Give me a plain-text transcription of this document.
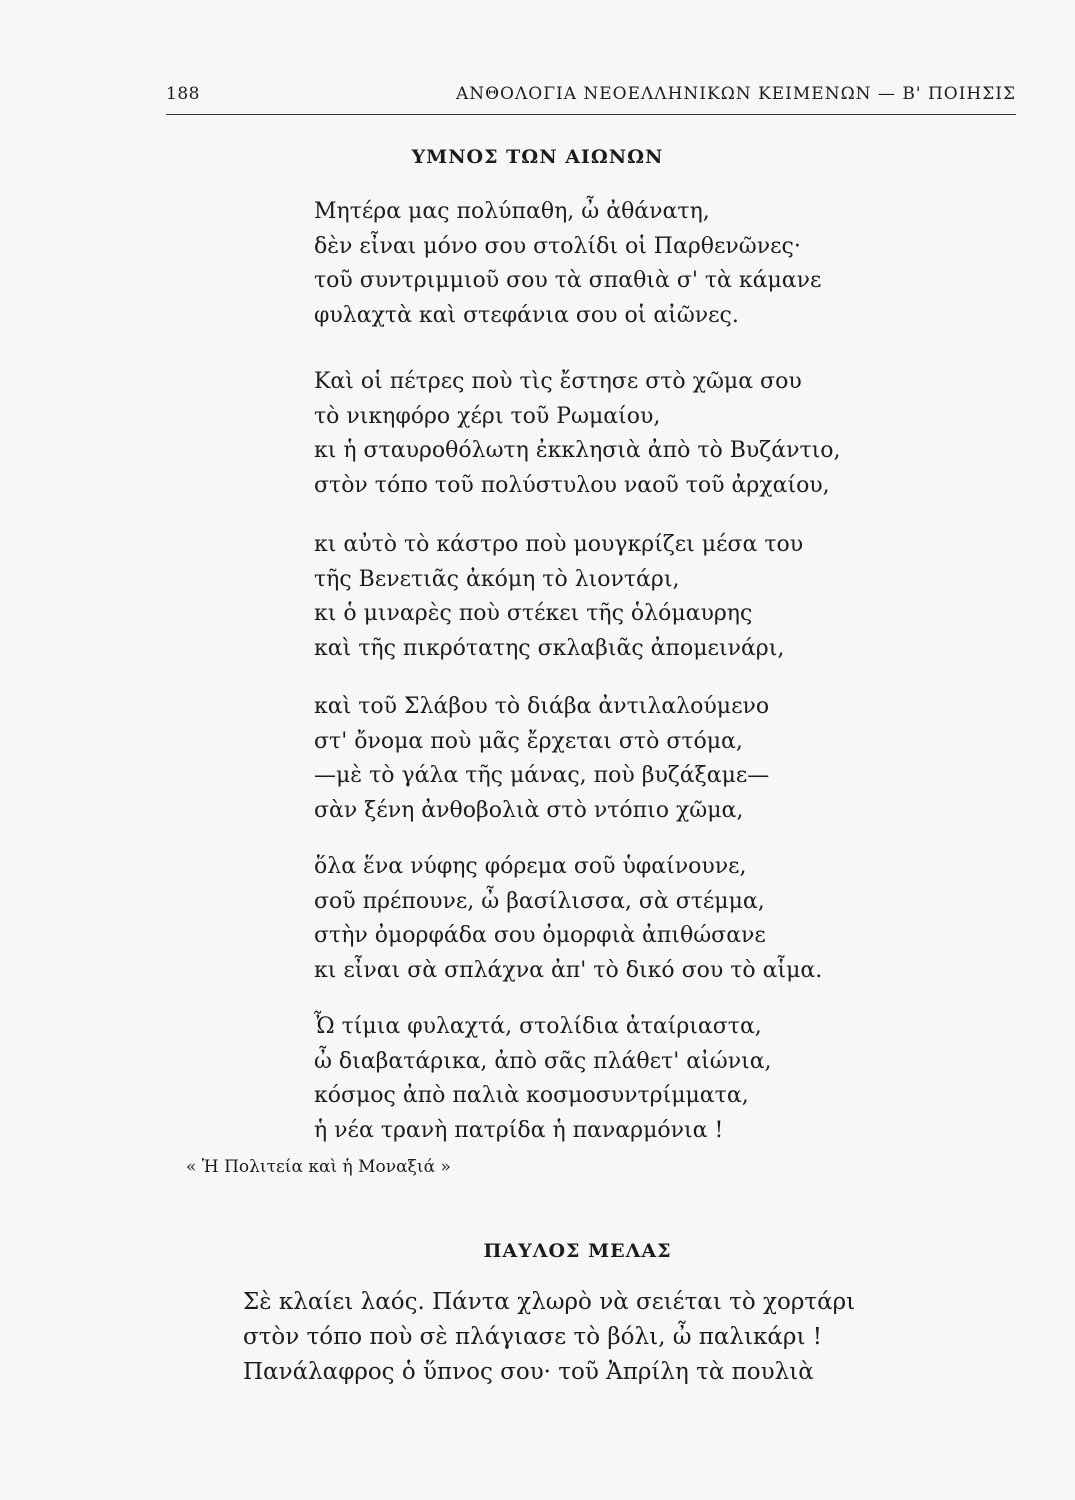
188	ΑΝΘΟΛΟΓΙΑ ΝΕΟΕΛΛΗΝΙΚΩΝ ΚΕΙΜΕΝΩΝ — Β' ΠΟΙΗΣΙΣ
ΥΜΝΟΣ ΤΩΝ ΑΙΩΝΩΝ
Μητέρα μας πολύπαθη, ὦ ἀθάνατη,
δὲν εἶναι μόνο σου στολίδι οἱ Παρθενῶνες·
τοῦ συντριμμιοῦ σου τὰ σπαθιὰ σ' τὰ κάμανε
φυλαχτὰ καὶ στεφάνια σου οἱ αἰῶνες.
Καὶ οἱ πέτρες ποὺ τὶς ἔστησε στὸ χῶμα σου
τὸ νικηφόρο χέρι τοῦ Ρωμαίου,
κι ἡ σταυροθόλωτη ἐκκλησιὰ ἀπὸ τὸ Βυζάντιο,
στὸν τόπο τοῦ πολύστυλου ναοῦ τοῦ ἀρχαίου,
κι αὐτὸ τὸ κάστρο ποὺ μουγκρίζει μέσα του
τῆς Βενετιᾶς ἀκόμη τὸ λιοντάρι,
κι ὁ μιναρὲς ποὺ στέκει τῆς ὁλόμαυρης
καὶ τῆς πικρότατης σκλαβιᾶς ἀπομεινάρι,
καὶ τοῦ Σλάβου τὸ διάβα ἀντιλαλούμενο
στ' ὄνομα ποὺ μᾶς ἔρχεται στὸ στόμα,
—μὲ τὸ γάλα τῆς μάνας, ποὺ βυζάξαμε—
σὰν ξένη ἀνθοβολιὰ στὸ ντόπιο χῶμα,
ὅλα ἕνα νύφης φόρεμα σοῦ ὑφαίνουνε,
σοῦ πρέπουνε, ὦ βασίλισσα, σὰ στέμμα,
στὴν ὀμορφάδα σου ὀμορφιὰ ἀπιθώσανε
κι εἶναι σὰ σπλάχνα ἀπ' τὸ δικό σου τὸ αἷμα.
Ὦ τίμια φυλαχτά, στολίδια ἀταίριαστα,
ὦ διαβατάρικα, ἀπὸ σᾶς πλάθετ' αἰώνια,
κόσμος ἀπὸ παλιὰ κοσμοσυντρίμματα,
ἡ νέα τρανὴ πατρίδα ἡ παναρμόνια !
« Ἡ Πολιτεία καὶ ἡ Μοναξιά »
ΠΑΥΛΟΣ ΜΕΛΑΣ
Σὲ κλαίει λαός. Πάντα χλωρὸ νὰ σειέται τὸ χορτάρι
στὸν τόπο ποὺ σὲ πλάγιασε τὸ βόλι, ὦ παλικάρι !
Πανάλαφρος ὁ ὕπνος σου· τοῦ Ἀπρίλη τὰ πουλιὰ
